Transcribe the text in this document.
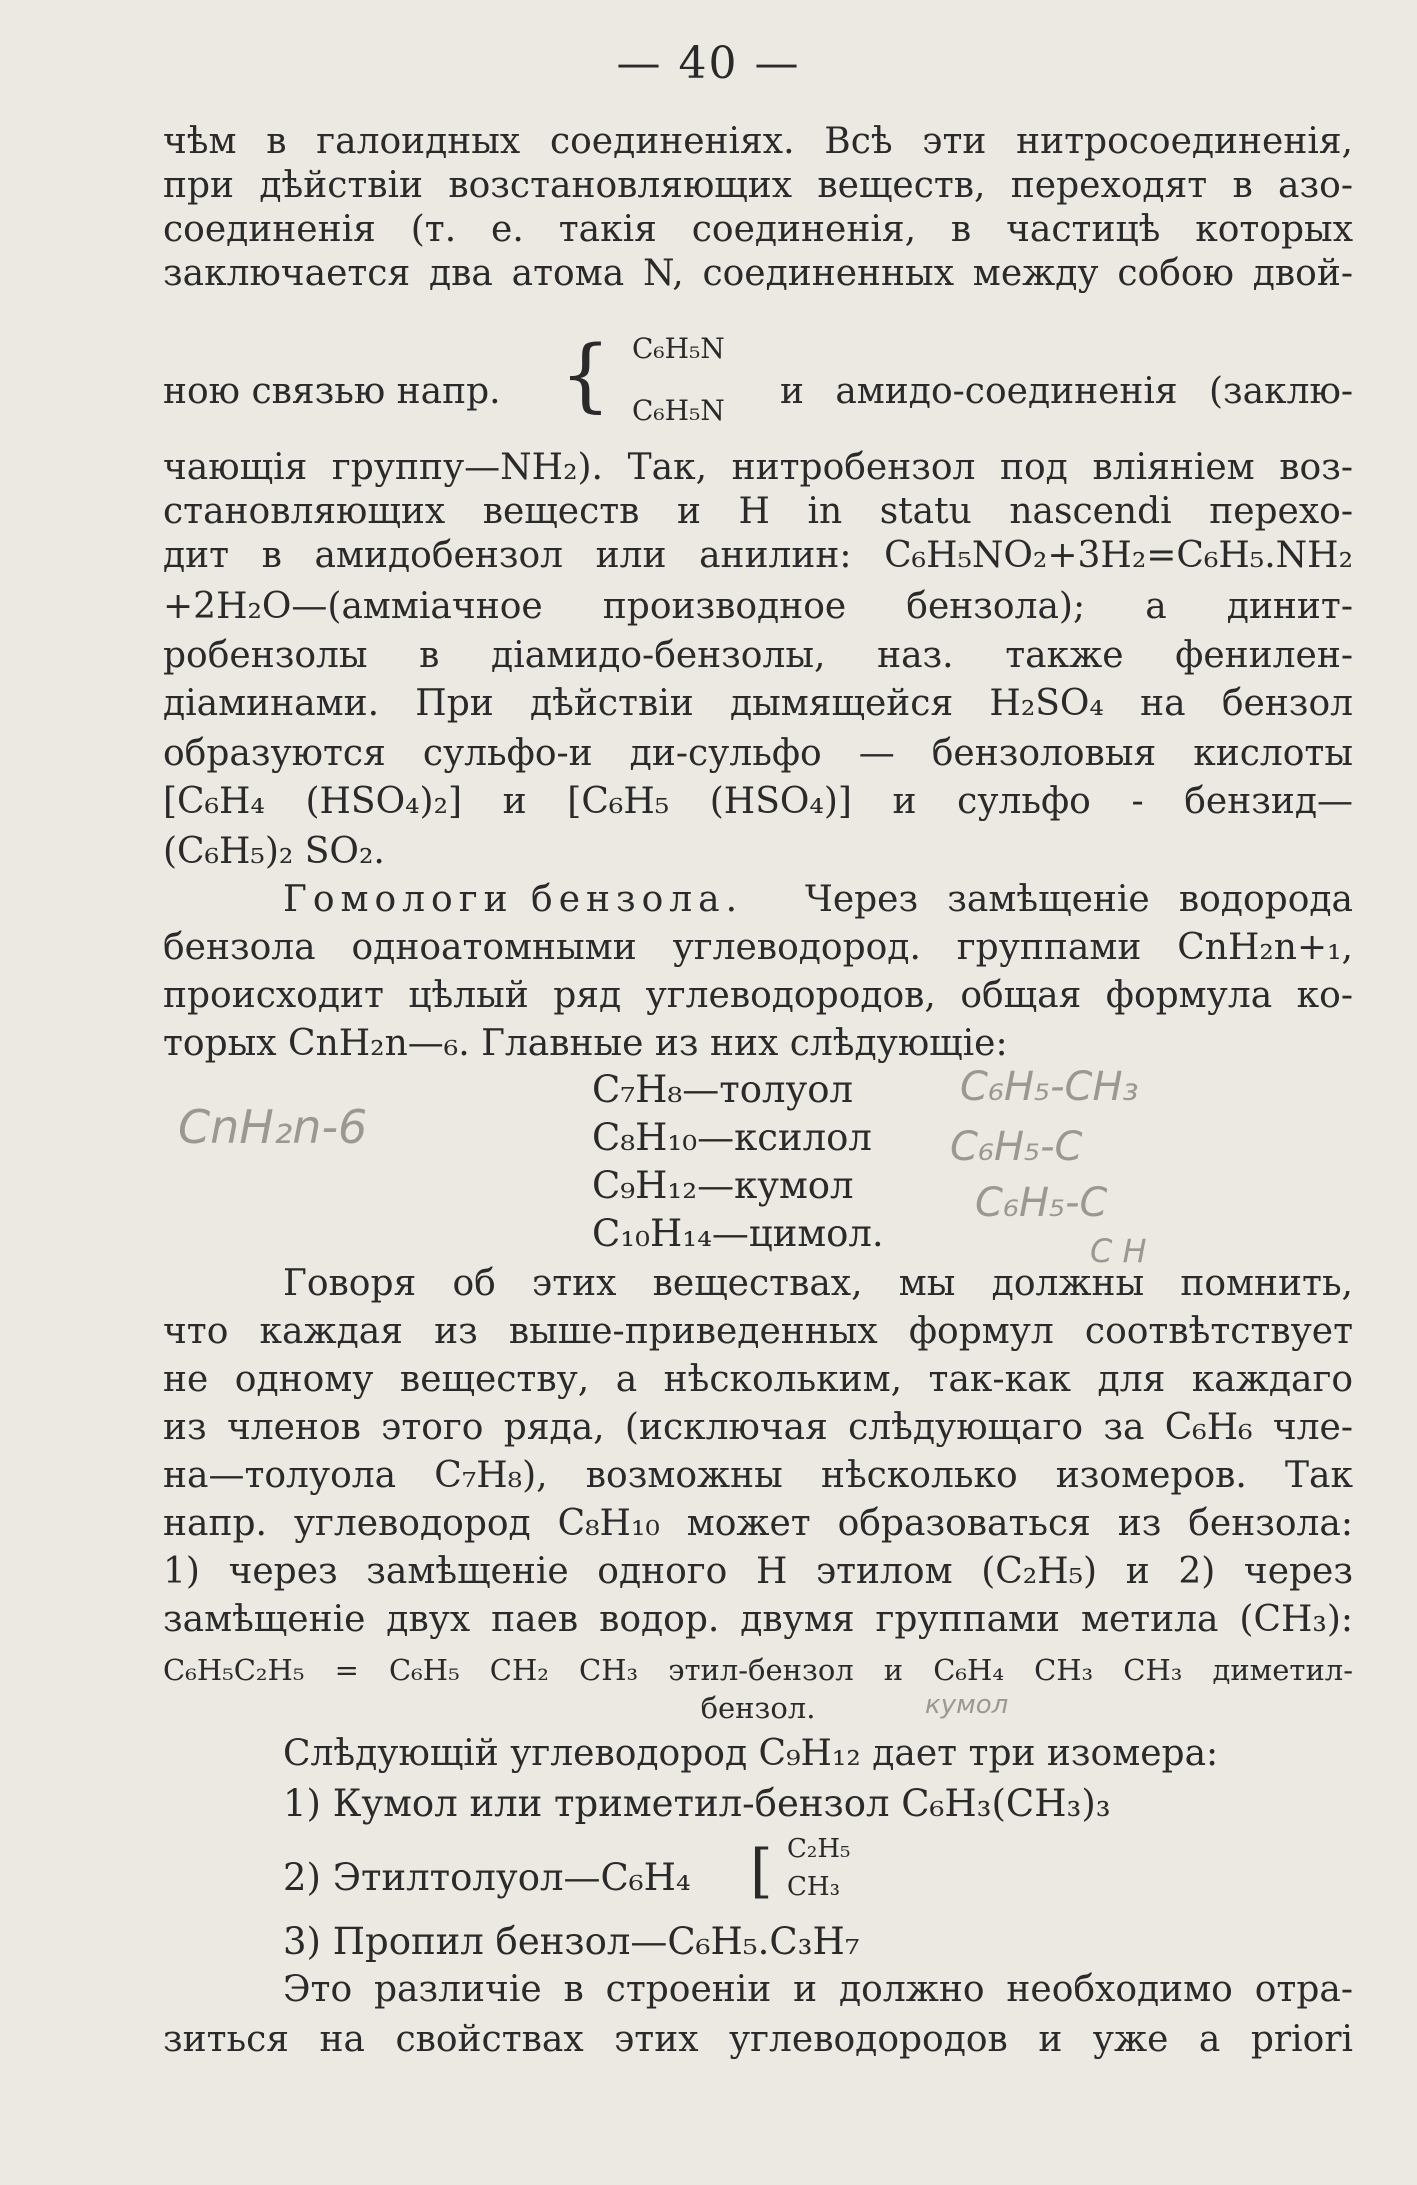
— 40 —
чѣм в галоидных соединеніях. Всѣ эти нитросоединенія,
при дѣйствіи возстановляющих веществ, переходят в азо-
соединенія (т. е. такія соединенія, в частицѣ которых
заключается два атома N, соединенных между собою двой-
ною связью напр. { C₆H₅N
C₆H₅N и амидо-соединенія (заклю-
чающія группу—NH₂). Так, нитробензол под вліяніем воз-
становляющих веществ и H in statu nascendi перехо-
дит в амидобензол или анилин: C₆H₅NO₂+3H₂=C₆H₅.NH₂
+2H₂O—(амміачное производное бензола); а динит-
робензолы в діамидо-бензолы, наз. также фенилен-
діаминами. При дѣйствіи дымящейся H₂SO₄ на бензол
образуются сульфо-и ди-сульфо — бензоловыя кислоты
[C₆H₄ (HSO₄)₂] и [C₆H₅ (HSO₄)] и сульфо - бензид—
(C₆H₅)₂ SO₂.
Гомологи бензола. Через замѣщеніе водорода
бензола одноатомными углеводород. группами CnH₂n+₁,
происходит цѣлый ряд углеводородов, общая формула ко-
торых CnH₂n—₆. Главные из них слѣдующіе:
C₇H₈—толуол
C₈H₁₀—ксилол
C₉H₁₂—кумол
C₁₀H₁₄—цимол.
CnH₂n-6
C₆H₅-CH₃
C₆H₅-C
C₆H₅-C
C H
Говоря об этих веществах, мы должны помнить,
что каждая из выше-приведенных формул соотвѣтствует
не одному веществу, а нѣскольким, так-как для каждаго
из членов этого ряда, (исключая слѣдующаго за C₆H₆ чле-
на—толуола C₇H₈), возможны нѣсколько изомеров. Так
напр. углеводород C₈H₁₀ может образоваться из бензола:
1) через замѣщеніе одного H этилом (C₂H₅) и 2) через
замѣщеніе двух паев водор. двумя группами метила (CH₃):
C₆H₅C₂H₅ = C₆H₅ CH₂ CH₃ этил-бензол и C₆H₄ CH₃ CH₃ диметил-
бензол.	кумол
Слѣдующій углеводород C₉H₁₂ дает три изомера:
1) Кумол или триметил-бензол C₆H₃(CH₃)₃
2) Этилтолуол—C₆H₄ [ C₂H₅
CH₃
3) Пропил бензол—C₆H₅.C₃H₇
Это различіе в строеніи и должно необходимо отра-
зиться на свойствах этих углеводородов и уже a priori
